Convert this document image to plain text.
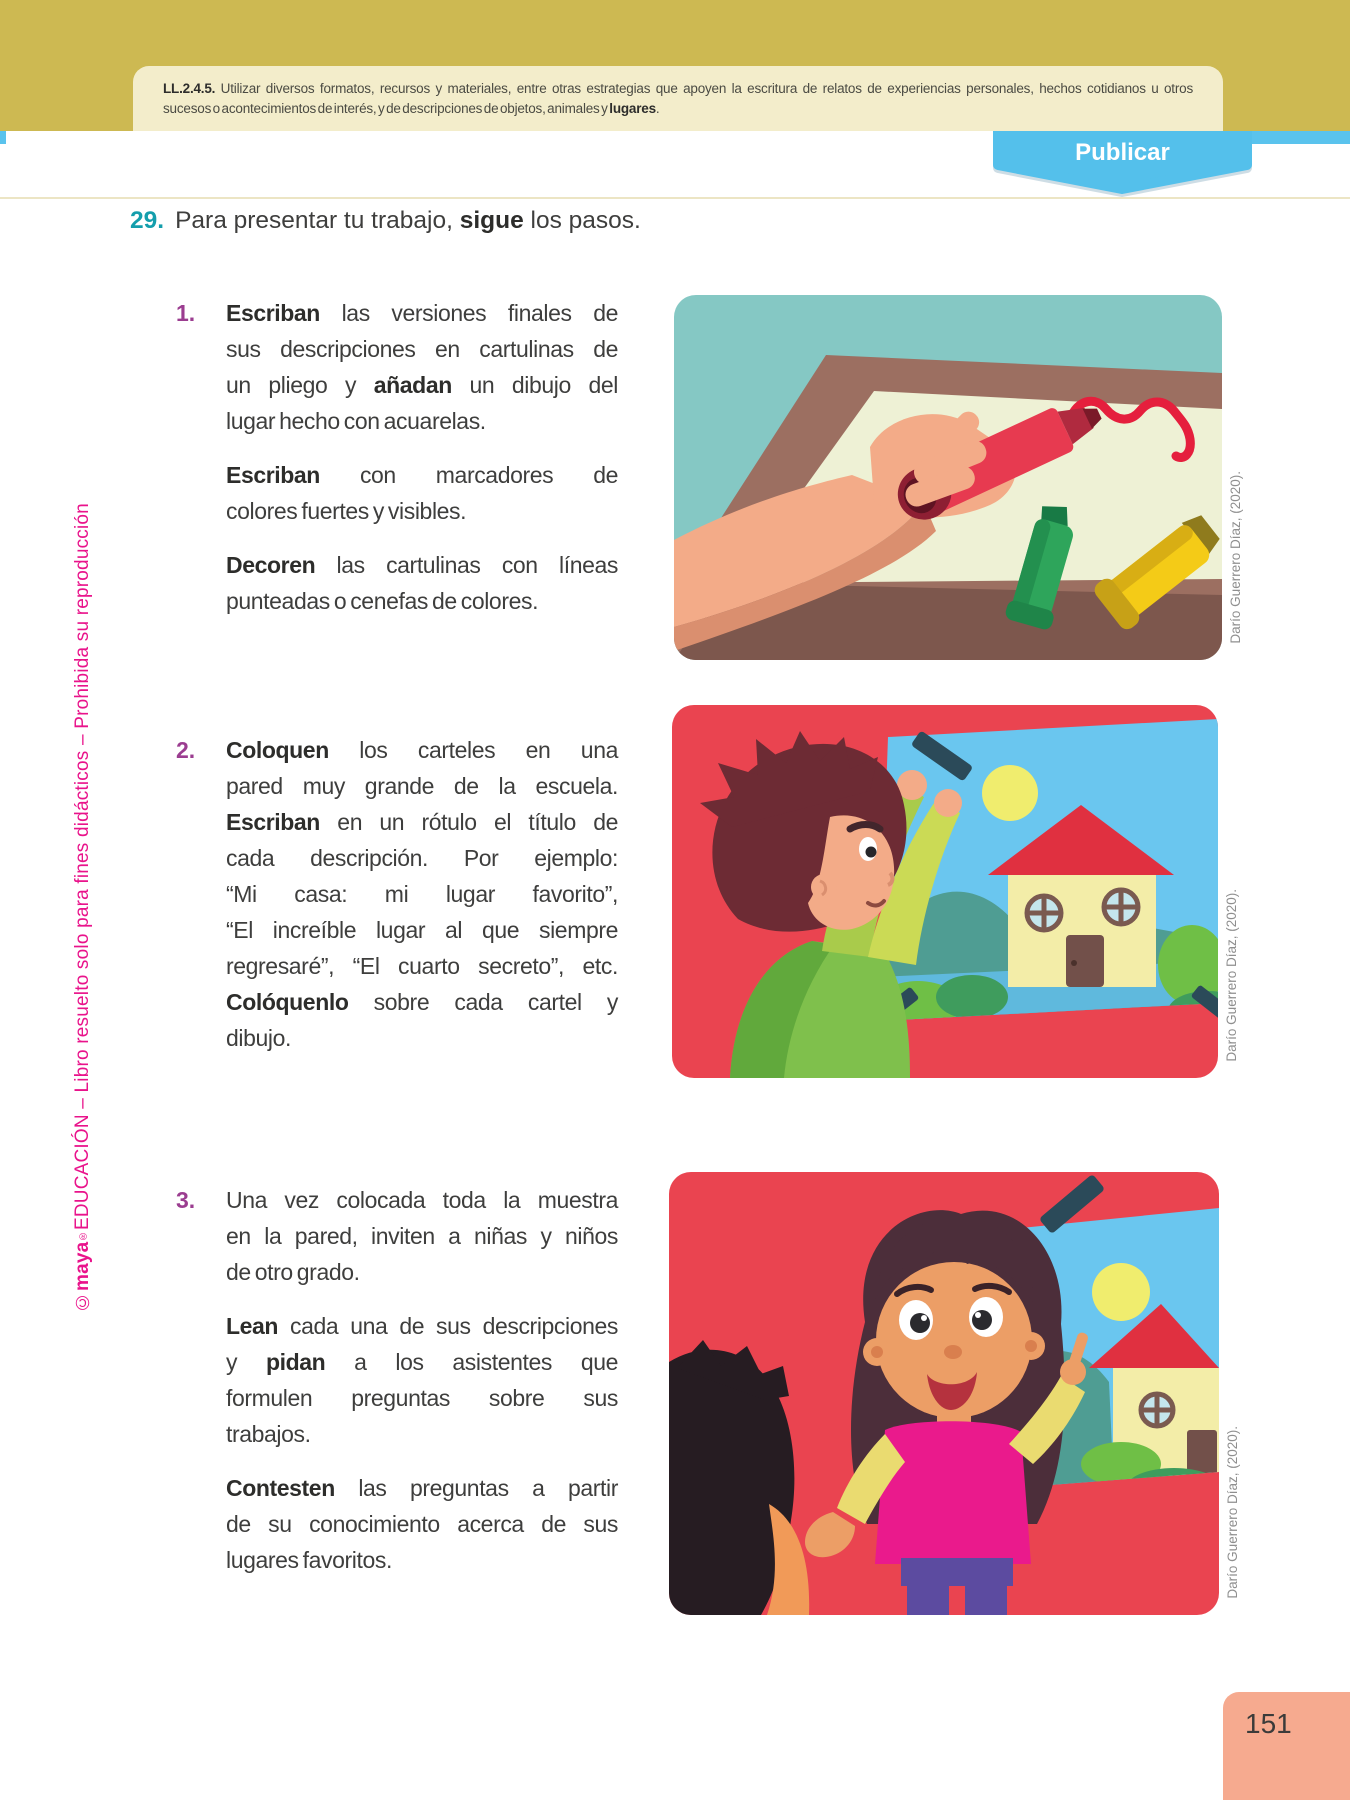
LL.2.4.5. Utilizar diversos formatos, recursos y materiales, entre otras estrategias que apoyen la escritura de relatos de experiencias personales, hechos cotidianos u otros
sucesos o acontecimientos de interés, y de descripciones de objetos, animales y lugares.
Publicar
©
maya
®
EDUCACIÓN – Libro resuelto solo para fines didácticos – Prohibida su reproducción
29. Para presentar tu trabajo, sigue los pasos.
1.	Escriban las versiones finales de
sus descripciones en cartulinas de
un pliego y añadan un dibujo del
lugar hecho con acuarelas.
Escriban con marcadores de
colores fuertes y visibles.
Decoren las cartulinas con líneas
punteadas o cenefas de colores.
2.	Coloquen los carteles en una
pared muy grande de la escuela.
Escriban en un rótulo el título de
cada descripción. Por ejemplo:
“Mi casa: mi lugar favorito”,
“El increíble lugar al que siempre
regresaré”, “El cuarto secreto”, etc.
Colóquenlo sobre cada cartel y
dibujo.
3.	Una vez colocada toda la muestra
en la pared, inviten a niñas y niños
de otro grado.
Lean cada una de sus descripciones
y pidan a los asistentes que
formulen preguntas sobre sus
trabajos.
Contesten las preguntas a partir
de su conocimiento acerca de sus
lugares favoritos.
Darío Guerrero Díaz, (2020).
Darío Guerrero Díaz, (2020).
Darío Guerrero Díaz, (2020).
151
